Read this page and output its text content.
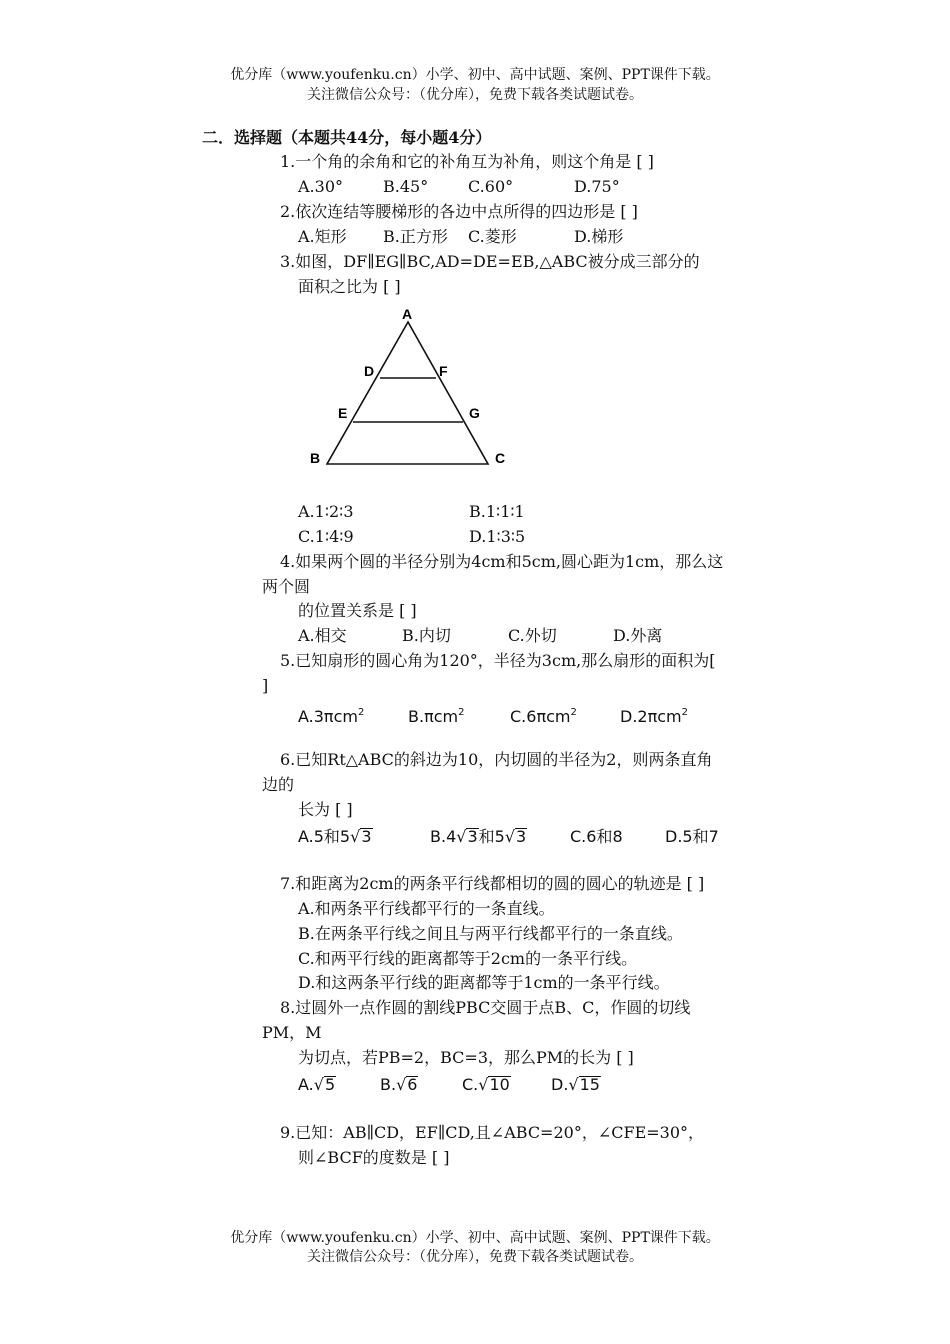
优分库（www.youfenku.cn）小学、初中、高中试题、案例、PPT课件下载。
关注微信公众号：（优分库），免费下载各类试题试卷。
二．选择题（本题共44分，每小题4分）
1.一个角的余角和它的补角互为补角，则这个角是 [ ]
A.30°	B.45° C.60°	D.75°
2.依次连结等腰梯形的各边中点所得的四边形是 [ ]
A.矩形 B.正方形 C.菱形	D.梯形
3.如图，DF∥EG∥BC,AD=DE=EB,△ABC被分成三部分的
面积之比为 [ ]
A
D	F
E	G
B	C
A.1∶2∶3	B.1∶1∶1
C.1∶4∶9	D.1∶3∶5
4.如果两个圆的半径分别为4cm和5cm,圆心距为1cm，那么这
两个圆
的位置关系是 [ ]
A.相交	B.内切	C.外切	D.外离
5.已知扇形的圆心角为120°，半径为3cm,那么扇形的面积为[
]
A.3πcm$^2$	B.πcm$^2$	C.6πcm$^2$	D.2πcm$^2$
6.已知Rt△ABC的斜边为10，内切圆的半径为2，则两条直角
边的
长为 [ ]
A.5和5√3	B.4√3和5√3	C.6和8	D.5和7
7.和距离为2cm的两条平行线都相切的圆的圆心的轨迹是 [ ]
A.和两条平行线都平行的一条直线。
B.在两条平行线之间且与两平行线都平行的一条直线。
C.和两平行线的距离都等于2cm的一条平行线。
D.和这两条平行线的距离都等于1cm的一条平行线。
8.过圆外一点作圆的割线PBC交圆于点B、C，作圆的切线
PM，M
为切点，若PB=2，BC=3，那么PM的长为 [ ]
A.√5	B.√6	C.√10	D.√15
9.已知：AB∥CD，EF∥CD,且∠ABC=20°，∠CFE=30°，
则∠BCF的度数是 [ ]
优分库（www.youfenku.cn）小学、初中、高中试题、案例、PPT课件下载。
关注微信公众号：（优分库），免费下载各类试题试卷。
